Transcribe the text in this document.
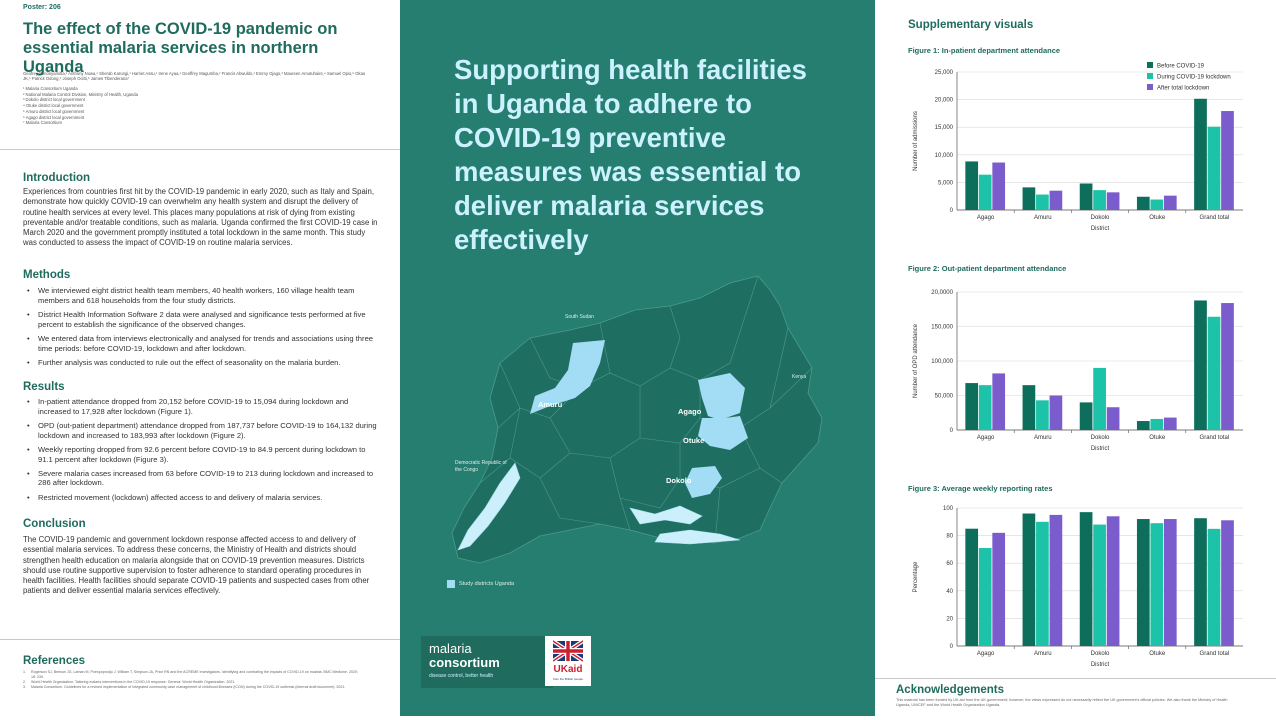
Poster: 206
The effect of the COVID-19 pandemic on essential malaria services in northern Uganda
Geofrey Kenonyamitta,¹ Anthony Nuwa,¹ Sherab Karungi,¹ Harriet Assu,¹ Irene Ayaa,¹ Geoffrey Magumba,² Francis Abwuldo,¹ Emmy Ojago,³ Maureen Amutuhaire,⁴ Samuel Opio,⁵ Okao JK,⁶ Patrick Odong,⁶ Joseph Ocitti,⁶ James Tibenderana⁷
¹ Malaria Consortium Uganda
² National Malaria Control Division, Ministry of Health, Uganda
³ Dokolo district local government
⁴ Otuke district local government
⁵ Amuru district local government
⁶ Agago district local government
⁷ Malaria Consortium
Introduction
Experiences from countries first hit by the COVID-19 pandemic in early 2020, such as Italy and Spain, demonstrate how quickly COVID-19 can overwhelm any health system and disrupt the delivery of routine health services at every level. This places many populations at risk of dying from existing preventable and/or treatable conditions, such as malaria. Uganda confirmed the first COVID-19 case in March 2020 and the government promptly instituted a total lockdown in the same month. This study was conducted to assess the impact of COVID-19 on routine malaria services.
Methods
• We interviewed eight district health team members, 40 health workers, 160 village health team members and 618 households from the four study districts.
• District Health Information Software 2 data were analysed and significance tests performed at five percent to establish the significance of the observed changes.
• We entered data from interviews electronically and analysed for trends and associations using three time periods: before COVID-19, lockdown and after lockdown.
• Further analysis was conducted to rule out the effect of seasonality on the malaria burden.
Results
• In-patient attendance dropped from 20,152 before COVID-19 to 15,094 during lockdown and increased to 17,928 after lockdown (Figure 1).
• OPD (out-patient department) attendance dropped from 187,737 before COVID-19 to 164,132 during lockdown and increased to 183,993 after lockdown (Figure 2).
• Weekly reporting dropped from 92.6 percent before COVID-19 to 84.9 percent during lockdown to 91.1 percent after lockdown (Figure 3).
• Severe malaria cases increased from 63 before COVID-19 to 213 during lockdown and increased to 286 after lockdown.
• Restricted movement (lockdown) affected access to and delivery of malaria services.
Conclusion
The COVID-19 pandemic and government lockdown response affected access to and delivery of essential malaria services. To address these concerns, the Ministry of Health and districts should strengthen health education on malaria alongside that on COVID-19 prevention measures. Districts should use routine supportive supervision to foster adherence to standard operating procedures in health facilities. Health facilities should separate COVID-19 patients and suspected cases from other patients and deliver essential malaria services effectively.
References
1. Rogerson SJ, Beeson JG, Laman M, Poespoprodjo J, William T, Simpson JA, Price RN and the ACREME Investigators. Identifying and combating the impacts of COVID-19 on malaria. BMC Medicine. 2020; 18: 239.
2. World Health Organization. Tailoring malaria interventions in the COVID-19 response. Geneva: World Health Organization. 2021.
3. Malaria Consortium. Guidelines for a revised implementation of integrated community case management of childhood illnesses (iCCM) during the COVID-19 outbreak (internal draft document). 2021.
Supporting health facilities in Uganda to adhere to COVID-19 preventive measures was essential to deliver malaria services effectively
South Sudan
Kenya
Democratic Republic of the Congo
Amuru
Agago
Otuke
Dokolo
Study districts Uganda
malaria
consortium
disease control, better health
UKaid
from the British people
Supplementary visuals
Figure 1: In-patient department attendance
0
5,000
10,000
15,000
20,000
25,000
Agago	Amuru	Dokolo	Otuke	Grand total
District
Number of admissions
Before COVID-19
During COVID-19 lockdown
After total lockdown
Figure 2: Out-patient department attendance
0
50,000
100,000
150,000
20,0000
Agago	Amuru	Dokolo	Otuke	Grand total
District
Number of OPD attendance
Figure 3: Average weekly reporting rates
0
20
40
60
80
100
Agago	Amuru	Dokolo	Otuke	Grand total
District
Percentage
Acknowledgements
This material has been funded by UK aid from the UK government; however, the views expressed do not necessarily reflect the UK government's official policies. We also thank the Ministry of Health Uganda, UNICEF and the World Health Organization Uganda.
